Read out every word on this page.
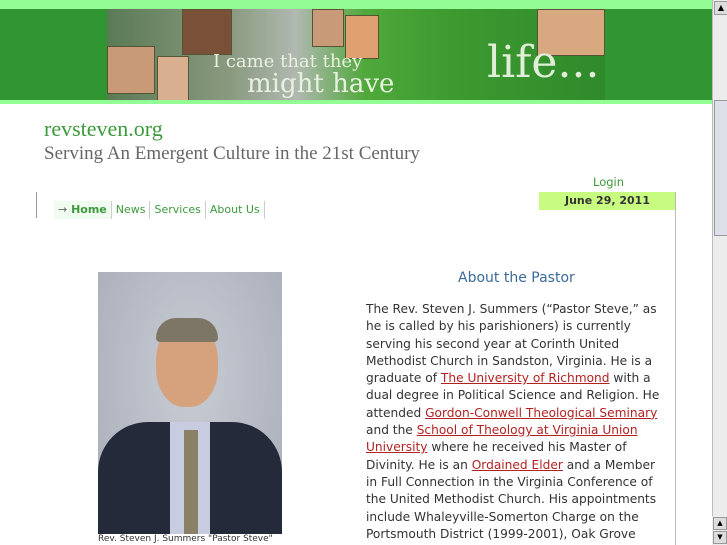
I came that they
might have life...
revsteven.org
Serving An Emergent Culture in the 21st Century
Login
June 29, 2011
→ Home News Services About Us
Rev. Steven J. Summers "Pastor Steve"
About the Pastor
The Rev. Steven J. Summers (“Pastor Steve,” as he is called by his parishioners) is currently serving his second year at Corinth United Methodist Church in Sandston, Virginia. He is a graduate of The University of Richmond with a dual degree in Political Science and Religion. He attended Gordon-Conwell Theological Seminary and the School of Theology at Virginia Union University where he received his Master of Divinity. He is an Ordained Elder and a Member in Full Connection in the Virginia Conference of the United Methodist Church. His appointments include Whaleyville-Somerton Charge on the Portsmouth District (1999-2001), Oak Grove
▲
▲
▼
